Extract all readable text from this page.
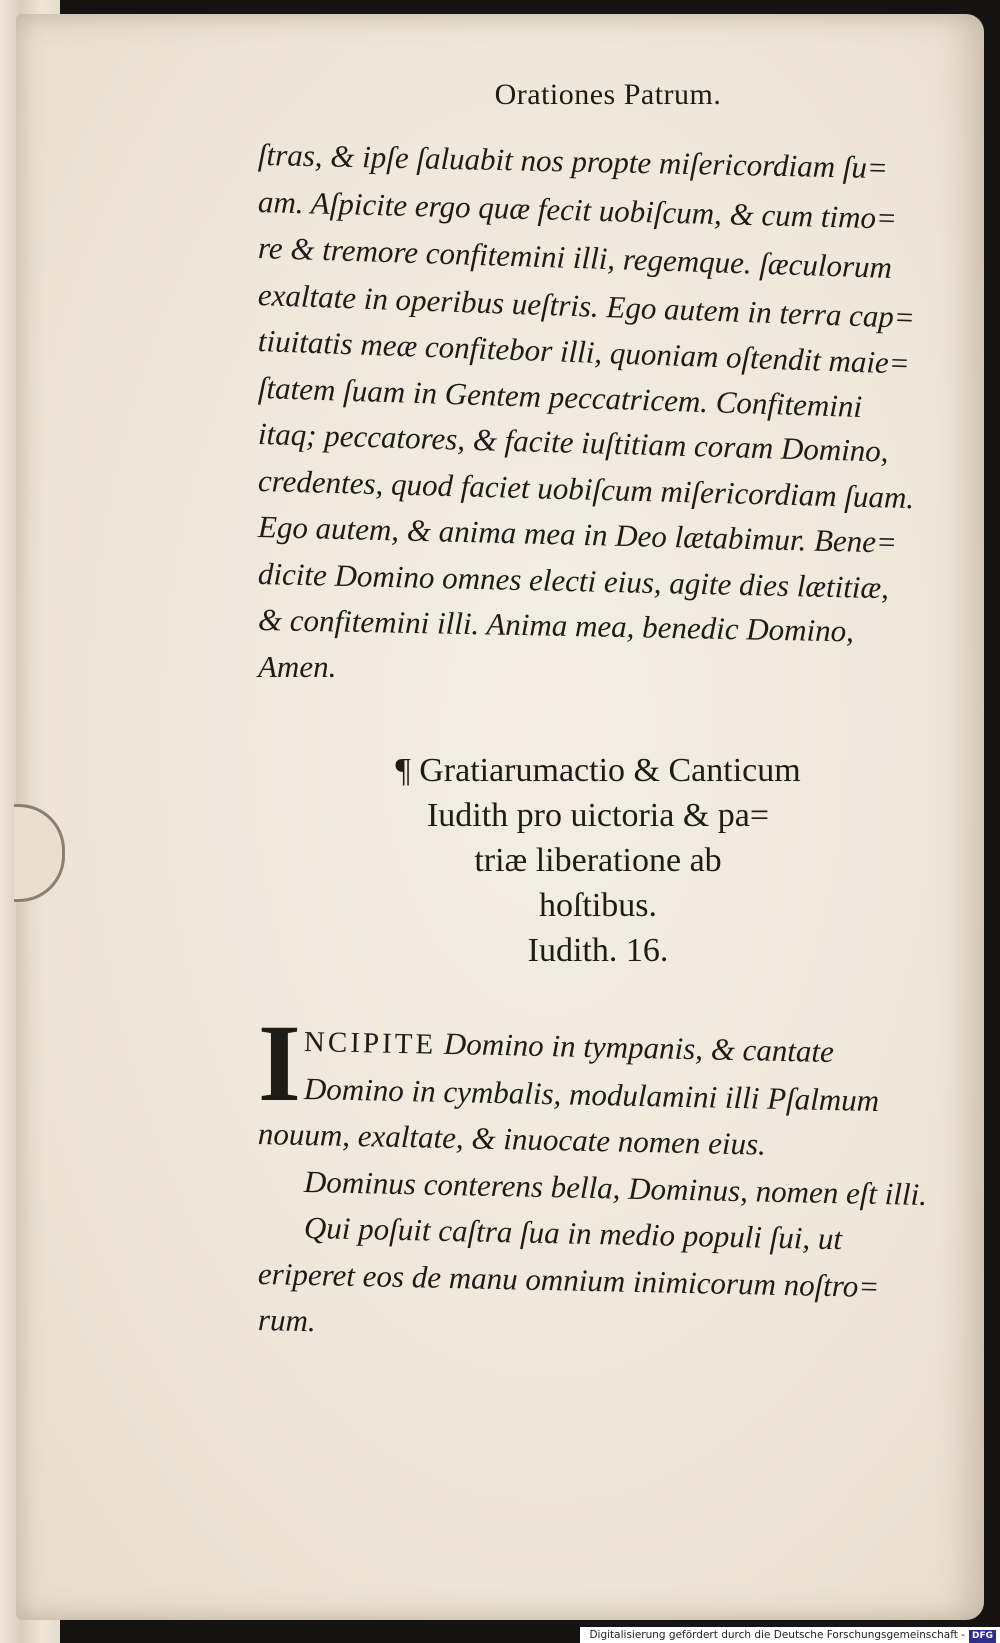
Orationes Patrum.
ſtras, & ipſe ſaluabit nos propte miſericordiam ſu=
am. Aſpicite ergo quæ fecit uobiſcum, & cum timo=
re & tremore confitemini illi, regemque. ſæculorum
exaltate in operibus ueſtris. Ego autem in terra cap=
tiuitatis meæ confitebor illi, quoniam oſtendit maie=
ſtatem ſuam in Gentem peccatricem. Confitemini
itaq; peccatores, & facite iuſtitiam coram Domino,
credentes, quod faciet uobiſcum miſericordiam ſuam.
Ego autem, & anima mea in Deo lætabimur. Bene=
dicite Domino omnes electi eius, agite dies lætitiæ,
& confitemini illi. Anima mea, benedic Domino,
Amen.
¶ Gratiarumactio & Canticum
Iudith pro uictoria & pa=
triæ liberatione ab
hoſtibus.
Iudith. 16.
I NCIPITE Domino in tympanis, & cantate
Domino in cymbalis, modulamini illi Pſalmum
nouum, exaltate, & inuocate nomen eius.
Dominus conterens bella, Dominus, nomen eſt illi.
Qui poſuit caſtra ſua in medio populi ſui, ut
eriperet eos de manu omnium inimicorum noſtro=
rum.
Digitalisierung gefördert durch die Deutsche Forschungsgemeinschaft - DFG
